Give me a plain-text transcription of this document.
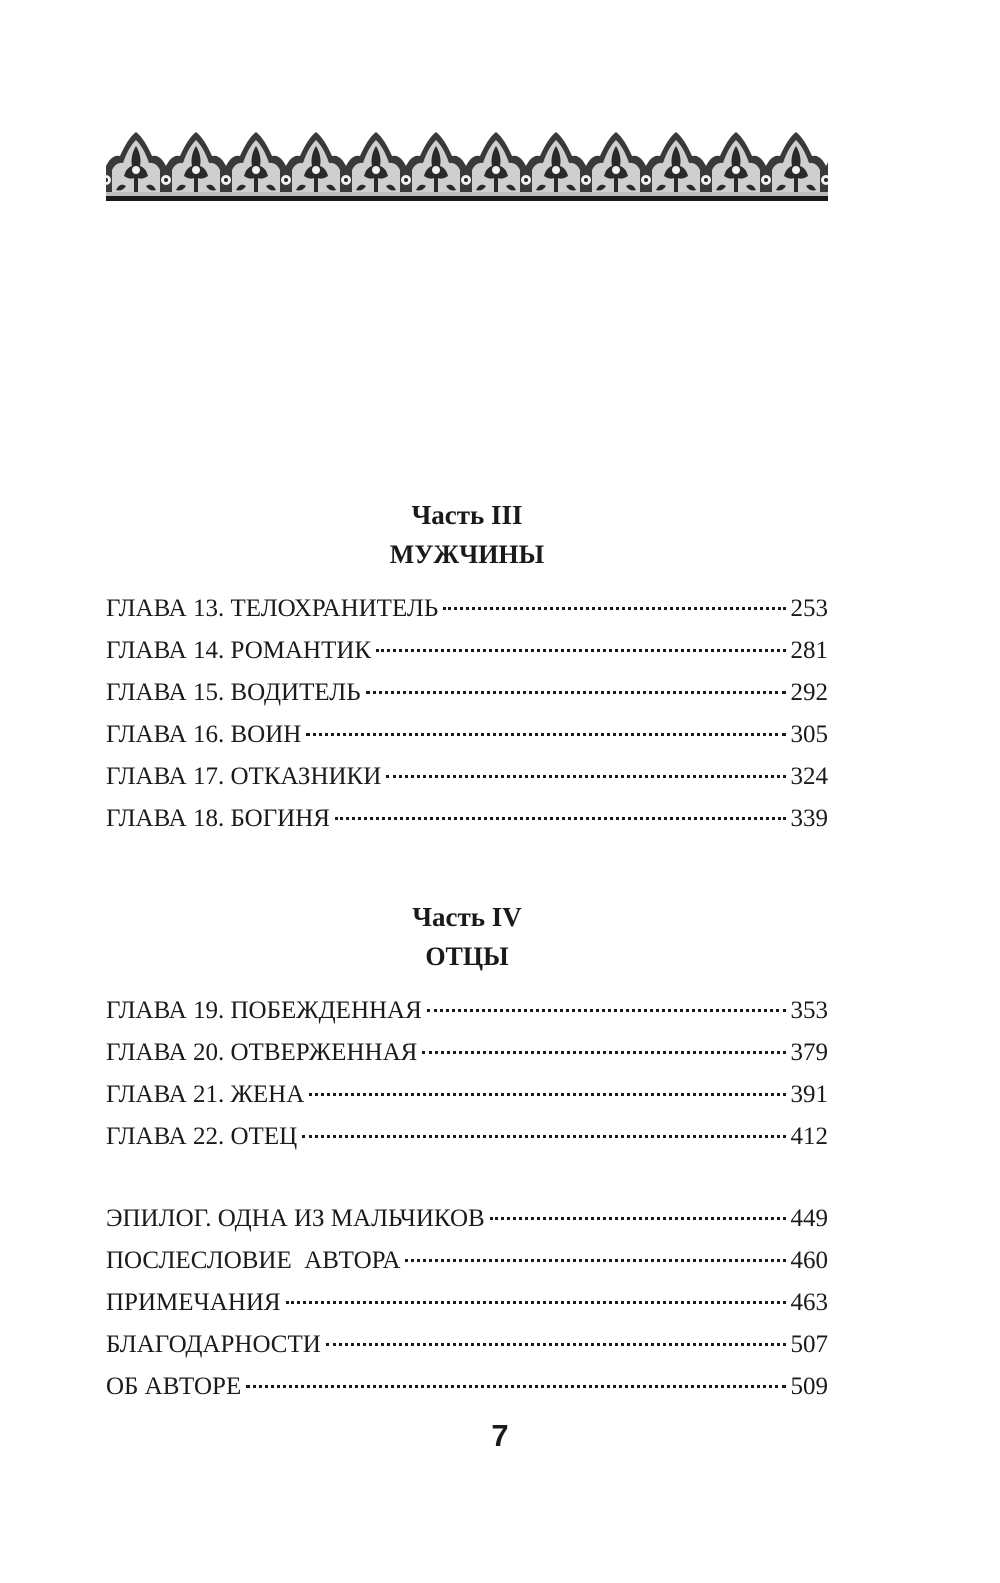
Часть III
МУЖЧИНЫ
ГЛАВА 13. ТЕЛОХРАНИТЕЛЬ	253
ГЛАВА 14. РОМАНТИК	281
ГЛАВА 15. ВОДИТЕЛЬ	292
ГЛАВА 16. ВОИН	305
ГЛАВА 17. ОТКАЗНИКИ	324
ГЛАВА 18. БОГИНЯ	339
Часть IV
ОТЦЫ
ГЛАВА 19. ПОБЕЖДЕННАЯ	353
ГЛАВА 20. ОТВЕРЖЕННАЯ	379
ГЛАВА 21. ЖЕНА	391
ГЛАВА 22. ОТЕЦ	412
ЭПИЛОГ. ОДНА ИЗ МАЛЬЧИКОВ	449
ПОСЛЕСЛОВИЕ  АВТОРА	460
ПРИМЕЧАНИЯ	463
БЛАГОДАРНОСТИ	507
ОБ АВТОРЕ	509
7
